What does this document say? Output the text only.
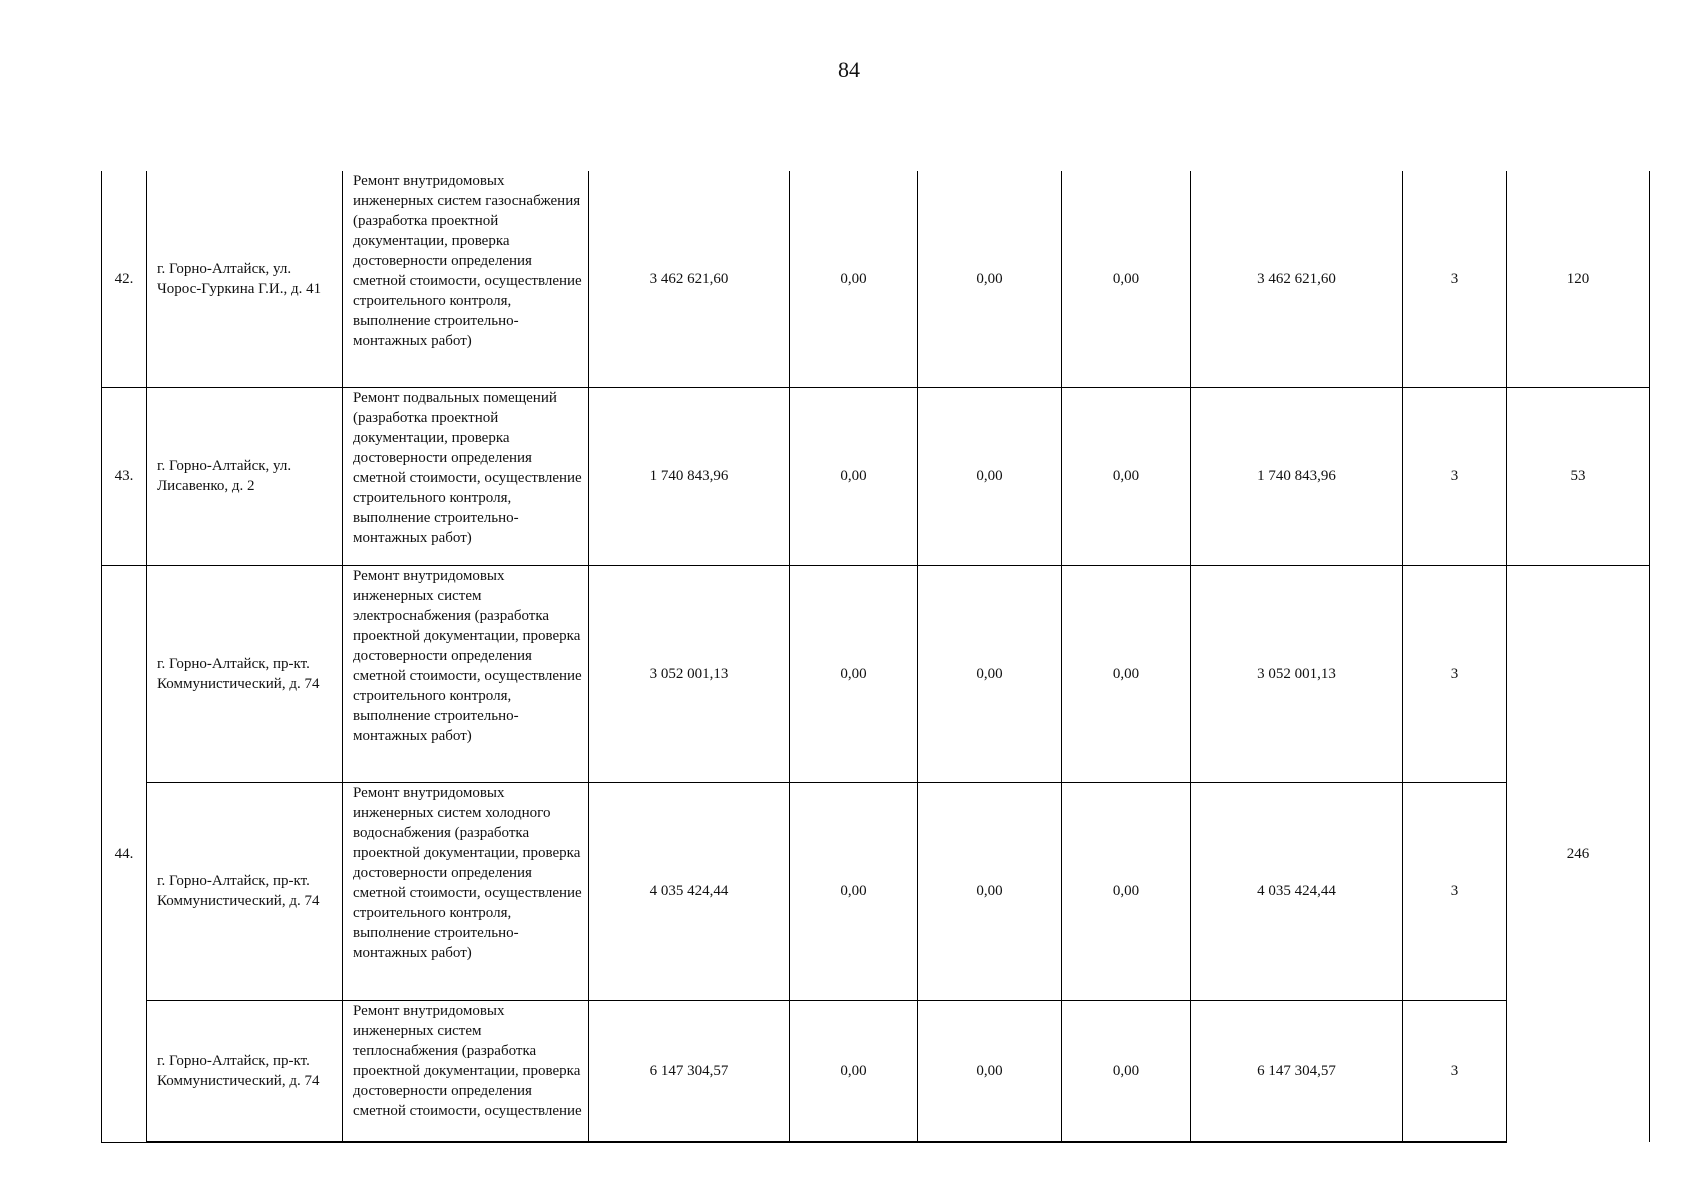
84
42.	г. Горно-Алтайск, ул. Чорос-Гуркина Г.И., д. 41	Ремонт внутридомовых инженерных систем газоснабжения (разработка проектной документации, проверка достоверности определения сметной стоимости, осуществление строительного контроля, выполнение строительно-монтажных работ)	3 462 621,60	0,00	0,00	0,00	3 462 621,60	3	120
43.	г. Горно-Алтайск, ул. Лисавенко, д. 2	Ремонт подвальных помещений (разработка проектной документации, проверка достоверности определения сметной стоимости, осуществление строительного контроля, выполнение строительно-монтажных работ)	1 740 843,96	0,00	0,00	0,00	1 740 843,96	3	53
44.	г. Горно-Алтайск, пр-кт. Коммунистический, д. 74	Ремонт внутридомовых инженерных систем электроснабжения (разработка проектной документации, проверка достоверности определения сметной стоимости, осуществление строительного контроля, выполнение строительно-монтажных работ)	3 052 001,13	0,00	0,00	0,00	3 052 001,13	3	246
	г. Горно-Алтайск, пр-кт. Коммунистический, д. 74	Ремонт внутридомовых инженерных систем холодного водоснабжения (разработка проектной документации, проверка достоверности определения сметной стоимости, осуществление строительного контроля, выполнение строительно-монтажных работ)	4 035 424,44	0,00	0,00	0,00	4 035 424,44	3	
	г. Горно-Алтайск, пр-кт. Коммунистический, д. 74	Ремонт внутридомовых инженерных систем теплоснабжения (разработка проектной документации, проверка достоверности определения сметной стоимости, осуществление	6 147 304,57	0,00	0,00	0,00	6 147 304,57	3	
